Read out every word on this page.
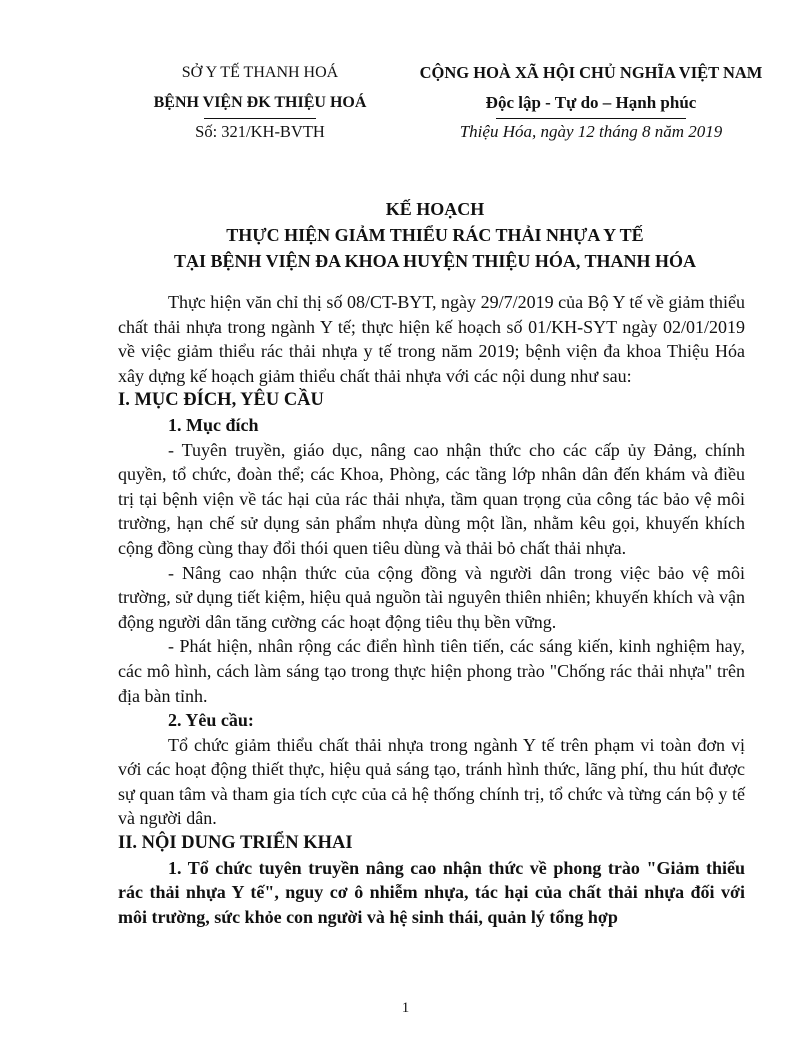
SỞ Y TẾ THANH HOÁ
BỆNH VIỆN ĐK THIỆU HOÁ
Số: 321/KH-BVTH
CỘNG HOÀ XÃ HỘI CHỦ NGHĨA VIỆT NAM
Độc lập - Tự do – Hạnh phúc
Thiệu Hóa, ngày 12 tháng 8 năm 2019
KẾ HOẠCH
THỰC HIỆN GIẢM THIỂU RÁC THẢI NHỰA Y TẾ
TẠI BỆNH VIỆN ĐA KHOA HUYỆN THIỆU HÓA, THANH HÓA

Thực hiện văn chỉ thị số 08/CT-BYT, ngày 29/7/2019 của Bộ Y tế về giảm thiểu chất thải nhựa trong ngành Y tế; thực hiện kế hoạch số 01/KH-SYT ngày 02/01/2019 về việc giảm thiểu rác thải nhựa y tế trong năm 2019; bệnh viện đa khoa Thiệu Hóa xây dựng kế hoạch giảm thiểu chất thải nhựa với các nội dung như sau:

I. MỤC ĐÍCH, YÊU CẦU

1. Mục đích

- Tuyên truyền, giáo dục, nâng cao nhận thức cho các cấp ủy Đảng, chính quyền, tổ chức, đoàn thể; các Khoa, Phòng, các tầng lớp nhân dân đến khám và điều trị tại bệnh viện về tác hại của rác thải nhựa, tầm quan trọng của công tác bảo vệ môi trường, hạn chế sử dụng sản phẩm nhựa dùng một lần, nhằm kêu gọi, khuyến khích cộng đồng cùng thay đổi thói quen tiêu dùng và thải bỏ chất thải nhựa.

- Nâng cao nhận thức của cộng đồng và người dân trong việc bảo vệ môi trường, sử dụng tiết kiệm, hiệu quả nguồn tài nguyên thiên nhiên; khuyến khích và vận động người dân tăng cường các hoạt động tiêu thụ bền vững.

- Phát hiện, nhân rộng các điển hình tiên tiến, các sáng kiến, kinh nghiệm hay, các mô hình, cách làm sáng tạo trong thực hiện phong trào "Chống rác thải nhựa" trên địa bàn tỉnh.

2. Yêu cầu:

Tổ chức giảm thiểu chất thải nhựa trong ngành Y tế trên phạm vi toàn đơn vị với các hoạt động thiết thực, hiệu quả sáng tạo, tránh hình thức, lãng phí, thu hút được sự quan tâm và tham gia tích cực của cả hệ thống chính trị, tổ chức và từng cán bộ y tế và người dân.

II. NỘI DUNG TRIỂN KHAI

1. Tổ chức tuyên truyền nâng cao nhận thức về phong trào "Giảm thiểu rác thải nhựa Y tế", nguy cơ ô nhiễm nhựa, tác hại của chất thải nhựa đối với môi trường, sức khỏe con người và hệ sinh thái, quản lý tổng hợp

1
